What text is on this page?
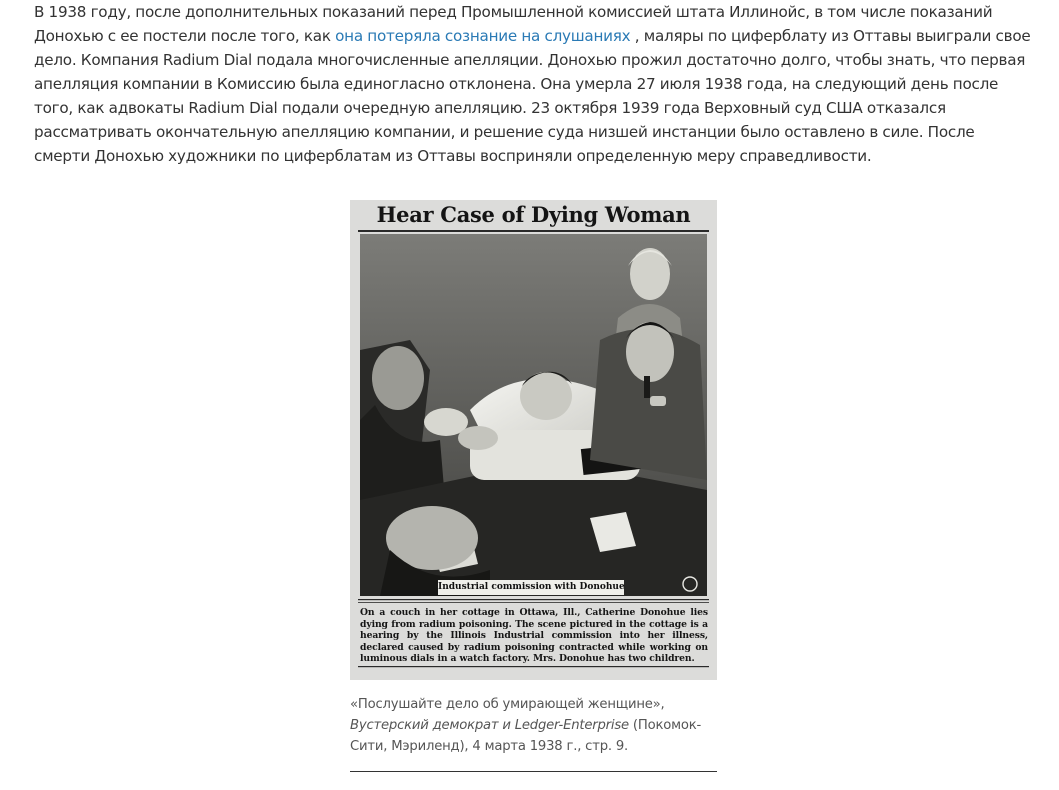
В 1938 году, после дополнительных показаний перед Промышленной комиссией штата Иллинойс, в том числе показаний Донохью с ее постели после того, как она потеряла сознание на слушаниях , маляры по циферблату из Оттавы выиграли свое дело. Компания Radium Dial подала многочисленные апелляции. Донохью прожил достаточно долго, чтобы знать, что первая апелляция компании в Комиссию была единогласно отклонена. Она умерла 27 июля 1938 года, на следующий день после того, как адвокаты Radium Dial подали очередную апелляцию. 23 октября 1939 года Верховный суд США отказался рассматривать окончательную апелляцию компании, и решение суда низшей инстанции было оставлено в силе. После смерти Донохью художники по циферблатам из Оттавы восприняли определенную меру справедливости.

Hear Case of Dying Woman
Industrial commission with Donohue

On a couch in her cottage in Ottawa, Ill., Catherine Donohue lies dying from radium poisoning. The scene pictured in the cottage is a hearing by the Illinois Industrial commission into her illness, declared caused by radium poisoning contracted while working on luminous dials in a watch factory. Mrs. Donohue has two children.

«Послушайте дело об умирающей женщине»,
Вустерский демократ и Ledger-Enterprise (Покомок-Сити, Мэриленд), 4 марта 1938 г., стр. 9.
